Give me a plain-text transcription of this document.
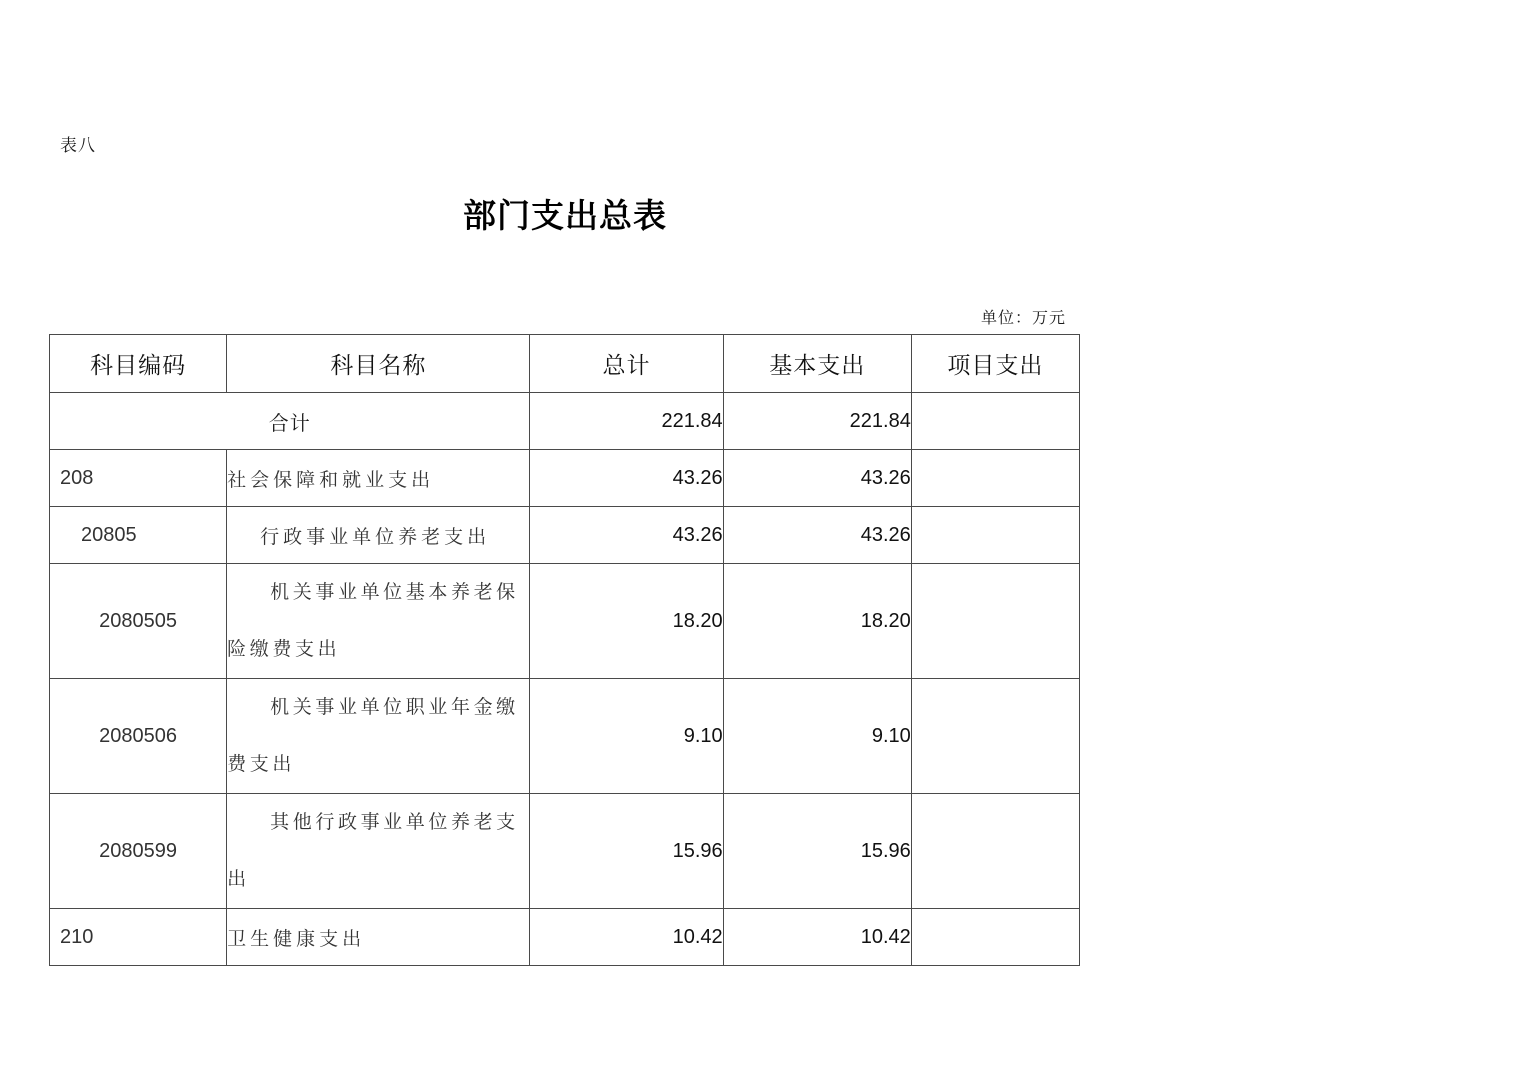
表八
部门支出总表
单位：万元
科目编码	科目名称	总计	基本支出	项目支出
合计		221.84	221.84	
208	社会保障和就业支出	43.26	43.26	
20805	行政事业单位养老支出	43.26	43.26	
2080505	机关事业单位基本养老保险缴费支出	18.20	18.20	
2080506	机关事业单位职业年金缴费支出	9.10	9.10	
2080599	其他行政事业单位养老支出	15.96	15.96	
210	卫生健康支出	10.42	10.42	
